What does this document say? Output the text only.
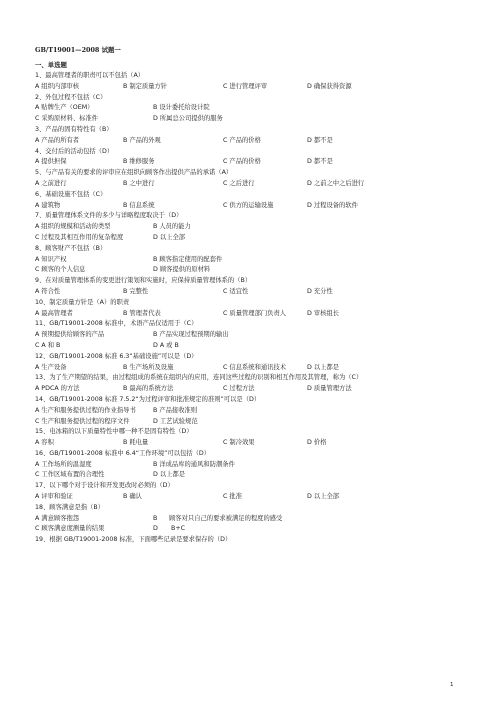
GB/T19001—2008 试题一
一、单选题
1、最高管理者的职责可以不包括（A）
A 组织内部审核	B 制定质量方针	C 进行管理评审	D 确保获得资源
2、外包过程不包括（C）
A 贴牌生产（OEM）	B 设计委托给设计院
C 采购原材料、标准件	D 所属总公司提供的服务
3、产品的固有特性有（B）
A 产品的所有者	B 产品的外观	C 产品的价格	D 都不是
4、交付后的活动包括（D）
A 提供担保	B 维修服务	C 产品的价格	D 都不是
5、与产品有关的要求的评审应在组织向顾客作出提供产品的承诺（A）
A 之前进行	B 之中进行	C 之后进行	D 之前之中之后进行
6、基础设施不包括（C）
A 建筑物	B 信息系统	C 供方的运输设施	D 过程设备的软件
7、质量管理体系文件的多少与详略程度取决于（D）
A 组织的规模和活动的类型	B 人员的能力
C 过程及其相互作用的复杂程度	D 以上全部
8、顾客财产不包括（B）
A 知识产权	B 顾客指定使用的配套件
C 顾客的个人信息	D 顾客提供的原材料
9、在对质量管理体系的变更进行策划和实施时，应保持质量管理体系的（B）
A 符合性	B 完整性	C 适宜性	D 充分性
10、制定质量方针是（A）的职责
A 最高管理者	B 管理者代表	C 质量管理部门负责人	D 审核组长
11、GB/T19001-2008 标准中，术语产品仅适用于（C）
A 预期提供给顾客的产品	B 产品实现过程预期的输出
C A 和 B	D A 或 B
12、GB/T19001-2008 标准 6.3“基础设施”可以是（D）
A 生产设备	B 生产场所及设施	C 信息系统和通讯技术	D 以上都是
13、为了生产期望的结果，由过程组成的系统在组织内的应用，连同这些过程的识别和相互作用及其管理，称为（C）
A PDCA 的方法	B 最高的系统方法	C 过程方法	D 质量管理方法
14、GB/T19001-2008 标准 7.5.2“为过程评审和批准规定的准则”可以是（D）
A 生产和服务提供过程的作业指导书	B 产品接收准则
C 生产和服务提供过程的程序文件	D 工艺试验规范
15、电冰箱的以下质量特性中哪一种不是固有特性（D）
A 容积	B 耗电量	C 制冷效果	D 价格
16、GB/T19001-2008 标准中 6.4“工作环境”可以包括（D）
A 工作场所的温湿度	B 洋成品库的通风和防潮条件
C 工作区域布置的合理性	D 以上都是
17、以下哪个对于设计和开发更改时必须的（D）
A 评审和验证	B 确认	C 批准	D 以上全部
18、顾客满意是指（B）
A 满意顾客抱怨	B 顾客对只自己的要求被满足的程度的感受
C 顾客满意度测量的结果	D B+C
19、根据 GB/T19001-2008 标准，下面哪些记录是要求保存的（D）
1
